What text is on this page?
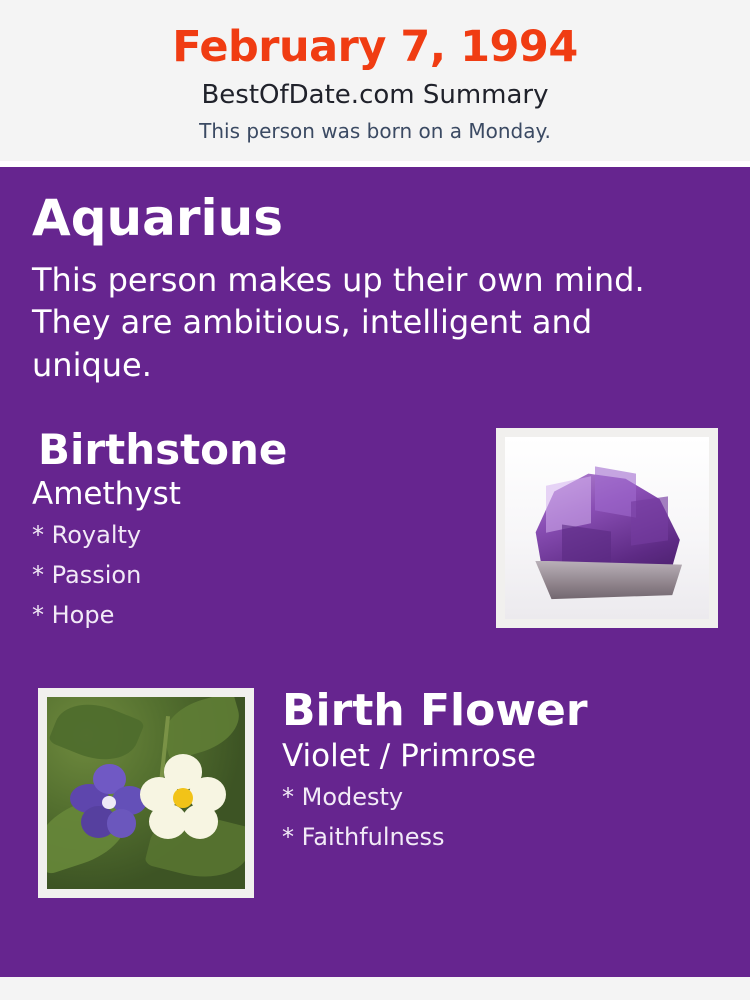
February 7, 1994
BestOfDate.com Summary
This person was born on a Monday.
Aquarius
This person makes up their own mind. They are ambitious, intelligent and unique.
Birthstone
Amethyst
* Royalty
* Passion
* Hope
Birth Flower
Violet / Primrose
* Modesty
* Faithfulness
